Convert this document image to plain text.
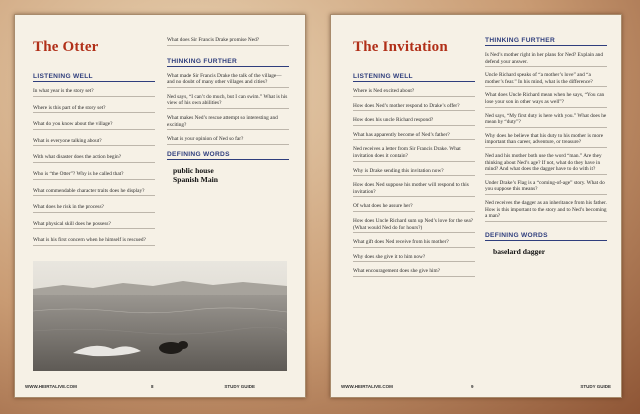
The Otter
LISTENING WELL
In what year is the story set?
Where is this part of the story set?
What do you know about the village?
What is everyone talking about?
With what disaster does the action begin?
Who is “the Otter”? Why is he called that?
What commendable character traits does he display?
What does he risk in the process?
What physical skill does he possess?
What is his first concern when he himself is rescued?
What does Sir Francis Drake promise Ned?
THINKING FURTHER
What made Sir Francis Drake the talk of the village—and no doubt of many other villages and cities?
Ned says, “I can’t do much, but I can swim.” What is his view of his own abilities?
What makes Ned’s rescue attempt so interesting and exciting?
What is your opinion of Ned so far?
DEFINING WORDS
public house
Spanish Main
WWW.HEIRTALIVE.COM	8	STUDY GUIDE
The Invitation
LISTENING WELL
Where is Ned excited about?
How does Ned’s mother respond to Drake’s offer?
How does his uncle Richard respond?
What has apparently become of Ned’s father?
Ned receives a letter from Sir Francis Drake. What invitation does it contain?
Why is Drake sending this invitation now?
How does Ned suppose his mother will respond to this invitation?
Of what does he assure her?
How does Uncle Richard sum up Ned’s love for the sea? (What would Ned do for hours?)
What gift does Ned receive from his mother?
Why does she give it to him now?
What encouragement does she give him?
THINKING FURTHER
Is Ned’s mother right in her plans for Ned? Explain and defend your answer.
Uncle Richard speaks of “a mother’s love” and “a mother’s fear.” In his mind, what is the difference?
What does Uncle Richard mean when he says, “You can lose your son in other ways as well”?
Ned says, “My first duty is here with you.” What does he mean by “duty”?
Why does he believe that his duty to his mother is more important than career, adventure, or treasure?
Ned and his mother both use the word “man.” Are they thinking about Ned’s age? If not, what do they have in mind? And what does the dagger have to do with it?
Under Drake’s Flag is a “coming-of-age” story. What do you suppose this means?
Ned receives the dagger as an inheritance from his father. How is this important to the story and to Ned’s becoming a man?
DEFINING WORDS
baselard dagger
WWW.HEIRTALIVE.COM	9	STUDY GUIDE
